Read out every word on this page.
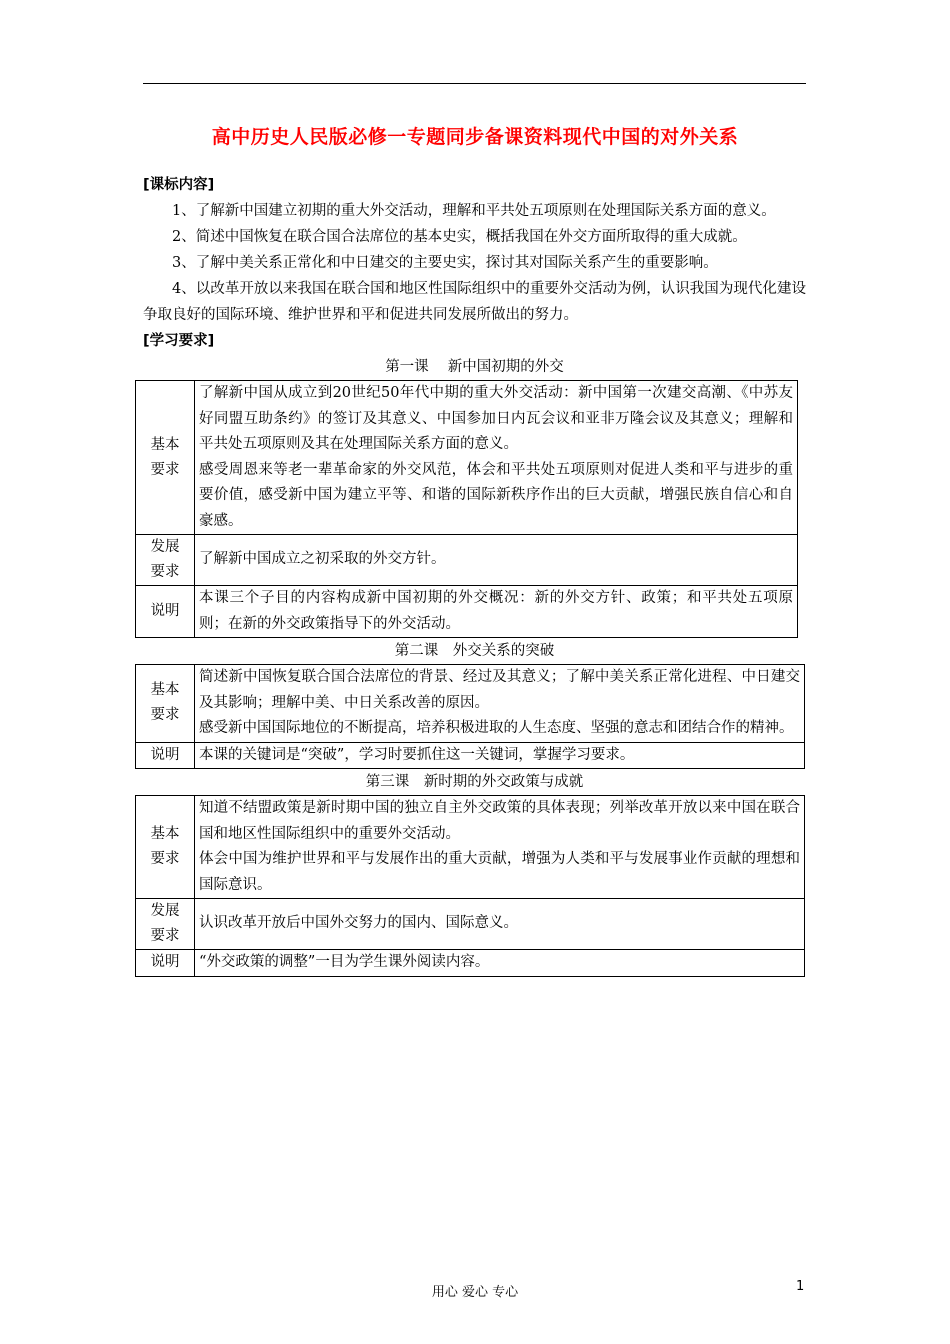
高中历史人民版必修一专题同步备课资料现代中国的对外关系
[课标内容]

1、了解新中国建立初期的重大外交活动，理解和平共处五项原则在处理国际关系方面的意义。

2、简述中国恢复在联合国合法席位的基本史实，概括我国在外交方面所取得的重大成就。

3、了解中美关系正常化和中日建交的主要史实，探讨其对国际关系产生的重要影响。

4、以改革开放以来我国在联合国和地区性国际组织中的重要外交活动为例，认识我国为现代化建设争取良好的国际环境、维护世界和平和促进共同发展所做出的努力。

[学习要求]

第一课　 新中国初期的外交

基本
要求	了解新中国从成立到20世纪50年代中期的重大外交活动：新中国第一次建交高潮、《中苏友好同盟互助条约》的签订及其意义、中国参加日内瓦会议和亚非万隆会议及其意义；理解和平共处五项原则及其在处理国际关系方面的意义。
感受周恩来等老一辈革命家的外交风范，体会和平共处五项原则对促进人类和平与进步的重要价值，感受新中国为建立平等、和谐的国际新秩序作出的巨大贡献，增强民族自信心和自豪感。
发展
要求	了解新中国成立之初采取的外交方针。
说明	本课三个子目的内容构成新中国初期的外交概况：新的外交方针、政策；和平共处五项原则；在新的外交政策指导下的外交活动。

第二课　外交关系的突破

基本
要求	简述新中国恢复联合国合法席位的背景、经过及其意义；了解中美关系正常化进程、中日建交及其影响；理解中美、中日关系改善的原因。
感受新中国国际地位的不断提高，培养积极进取的人生态度、坚强的意志和团结合作的精神。
说明	本课的关键词是“突破”，学习时要抓住这一关键词，掌握学习要求。

第三课　新时期的外交政策与成就

基本
要求	知道不结盟政策是新时期中国的独立自主外交政策的具体表现；列举改革开放以来中国在联合国和地区性国际组织中的重要外交活动。
体会中国为维护世界和平与发展作出的重大贡献，增强为人类和平与发展事业作贡献的理想和国际意识。
发展
要求	认识改革开放后中国外交努力的国内、国际意义。
说明	“外交政策的调整”一目为学生课外阅读内容。
用心 爱心 专心	1
